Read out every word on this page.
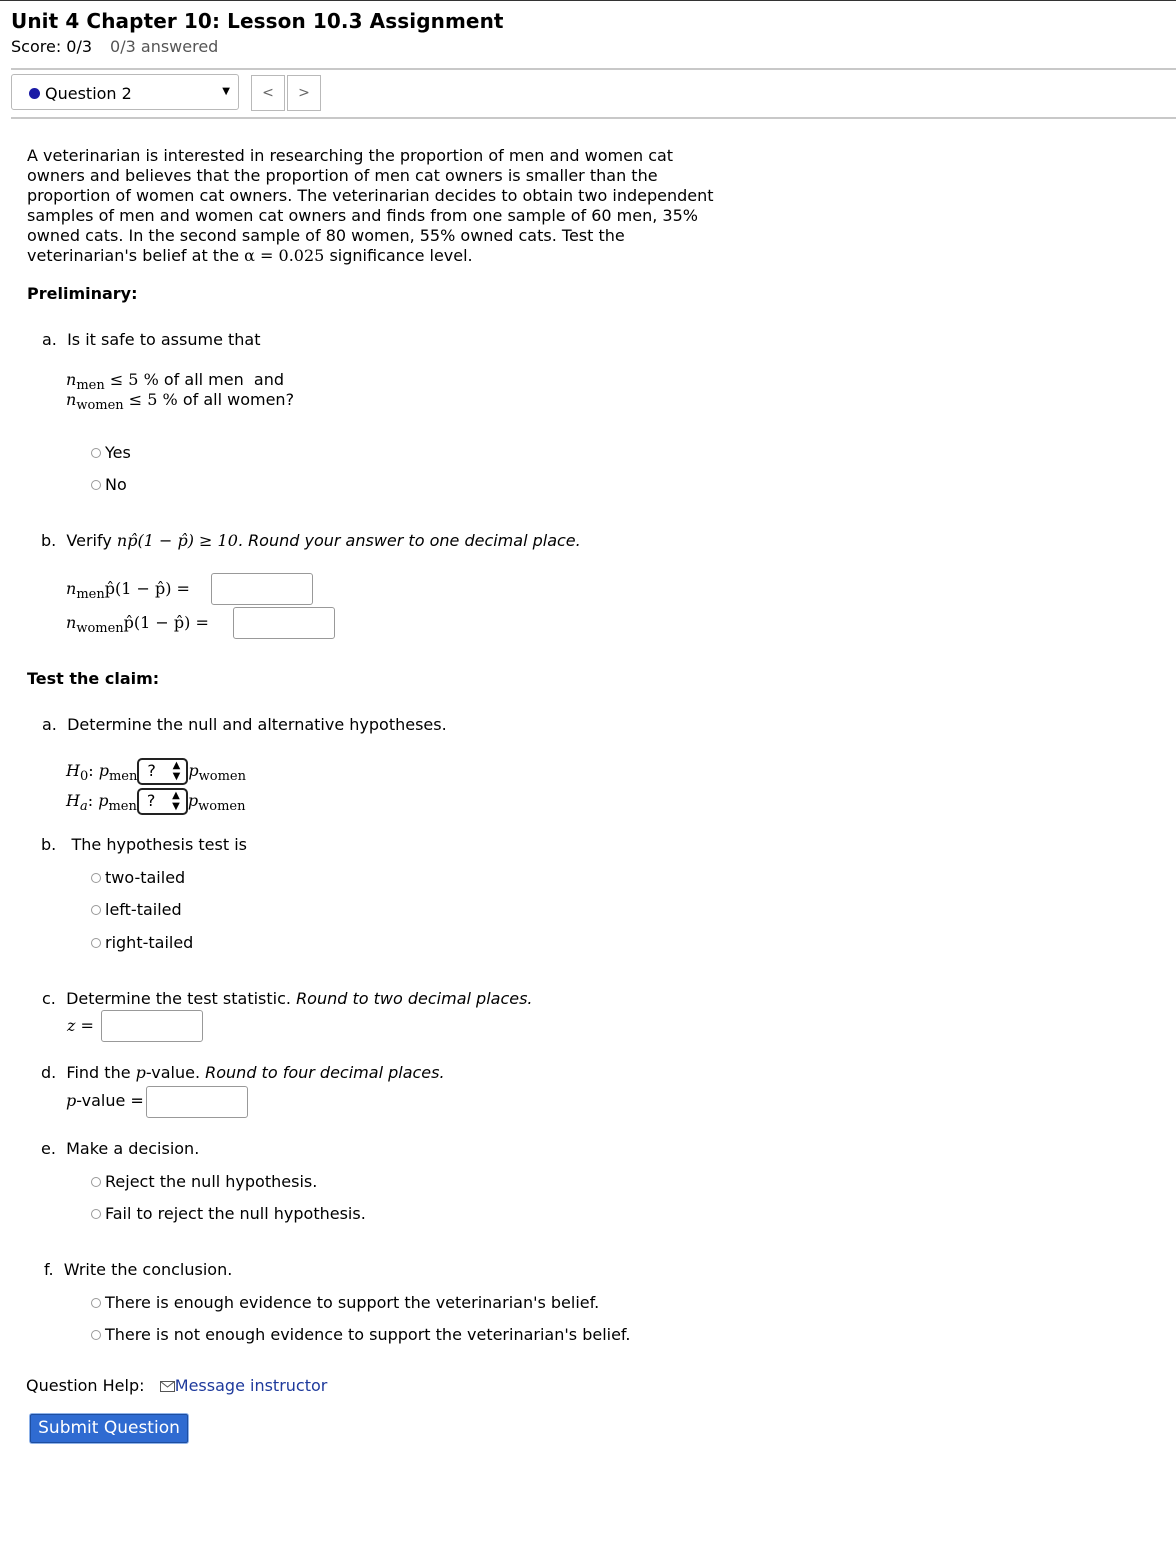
Unit 4 Chapter 10: Lesson 10.3 Assignment
Score: 0/3 0/3 answered
Question 2	▼	<	>
A veterinarian is interested in researching the proportion of men and women cat
owners and believes that the proportion of men cat owners is smaller than the
proportion of women cat owners. The veterinarian decides to obtain two independent
samples of men and women cat owners and finds from one sample of 60 men, 35%
owned cats. In the second sample of 80 women, 55% owned cats. Test the
veterinarian's belief at the α = 0.025 significance level.
Preliminary:
a. Is it safe to assume that
$n_{men} \le 5$ % of all men  and
$n_{women} \le 5$ % of all women?
Yes
No
b. Verify np̂(1 − p̂) ≥ 10. Round your answer to one decimal place.
$n_{men}p̂(1$ − p̂) =
$n_{women}p̂(1$ − p̂) =
Test the claim:
a. Determine the null and alternative hypotheses.
$H_0$: $p_{men}$ ? ▲
▼ $p_{women}$
$H_a$: $p_{men}$ ? ▲
▼ $p_{women}$
b. The hypothesis test is
two-tailed
left-tailed
right-tailed
c. Determine the test statistic. Round to two decimal places.
z =
d. Find the p-value. Round to four decimal places.
p-value =
e. Make a decision.
Reject the null hypothesis.
Fail to reject the null hypothesis.
f. Write the conclusion.
There is enough evidence to support the veterinarian's belief.
There is not enough evidence to support the veterinarian's belief.
Question Help: Message instructor
Submit Question
